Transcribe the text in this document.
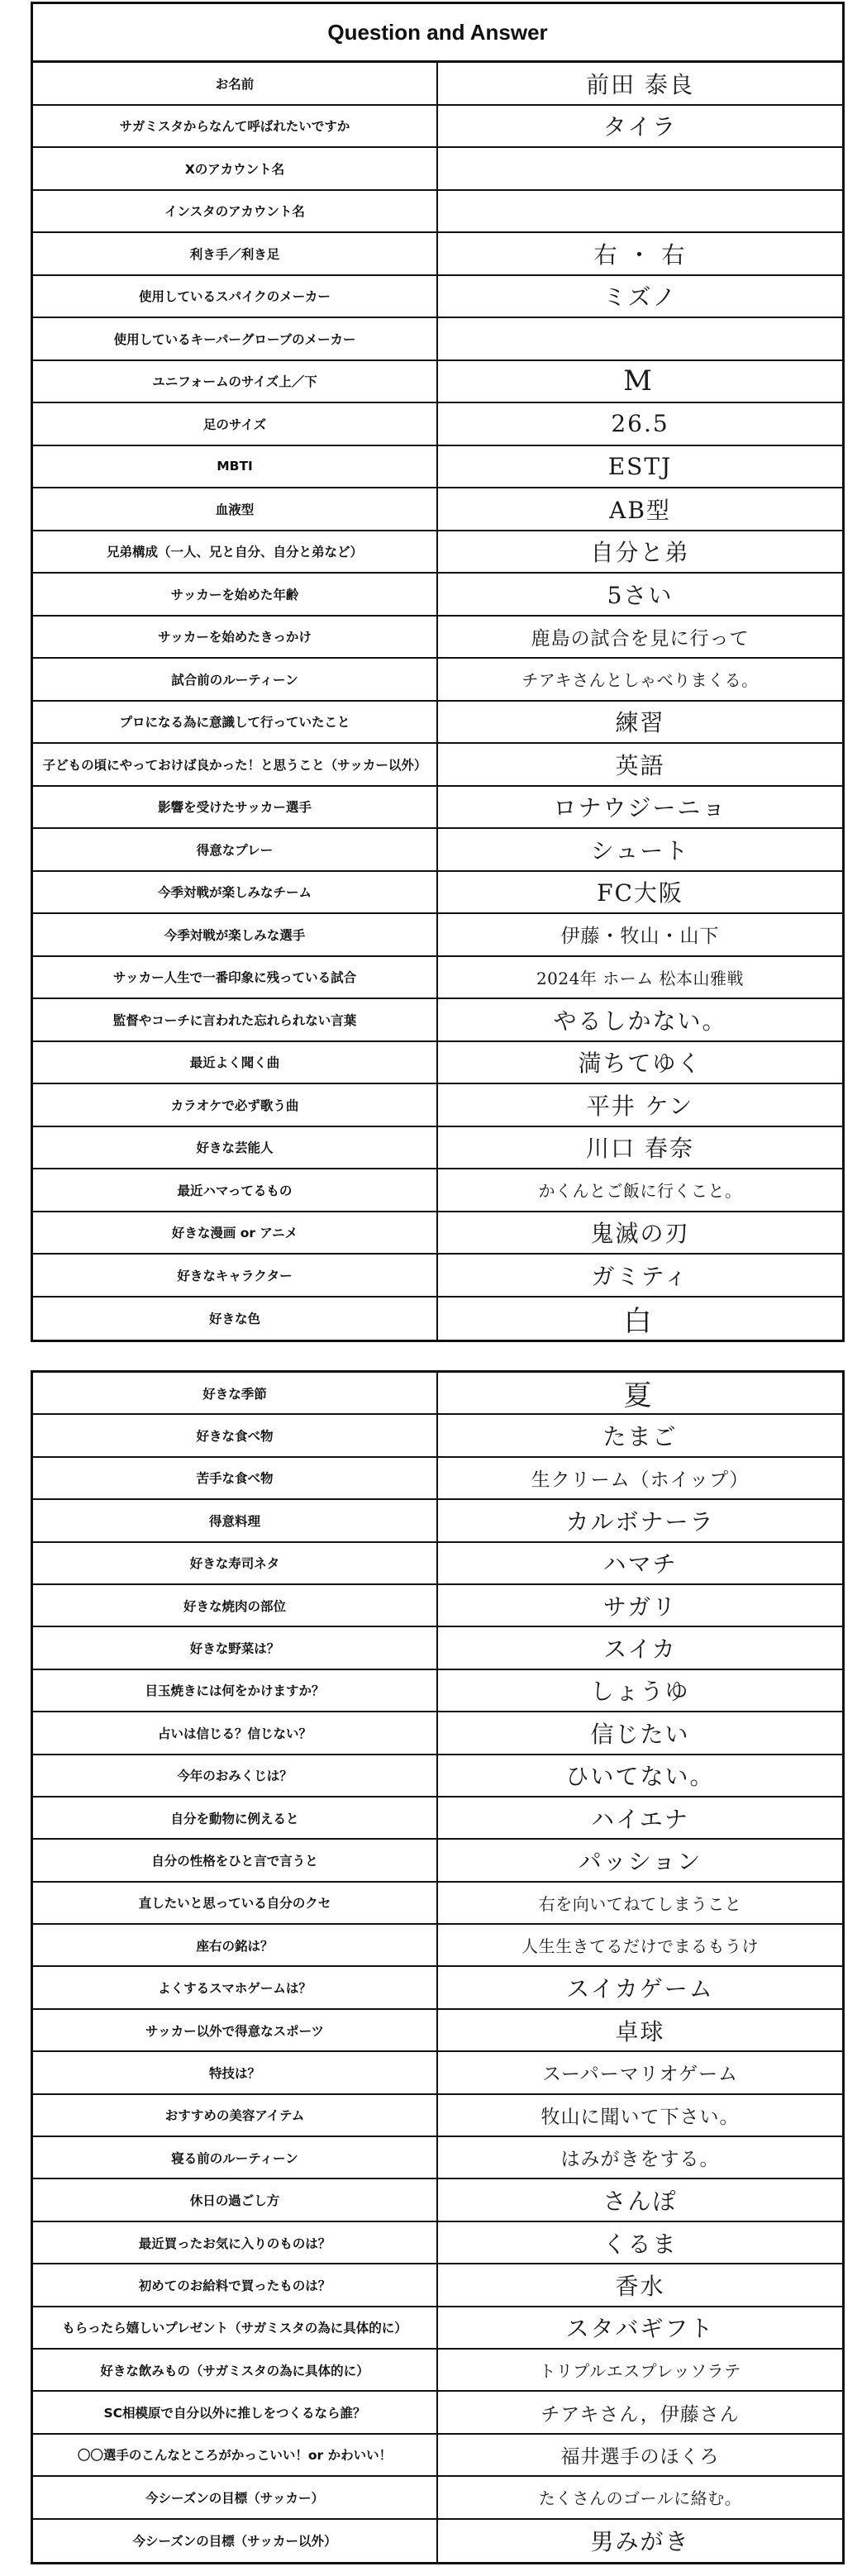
Question and Answer
お名前	前田 泰良
サガミスタからなんて呼ばれたいですか	タイラ
Xのアカウント名
インスタのアカウント名
利き手／利き足	右 ・ 右
使用しているスパイクのメーカー	ミズノ
使用しているキーパーグローブのメーカー
ユニフォームのサイズ上／下	M
足のサイズ	26.5
MBTI	ESTJ
血液型	AB型
兄弟構成（一人、兄と自分、自分と弟など）	自分と弟
サッカーを始めた年齢	5さい
サッカーを始めたきっかけ	鹿島の試合を見に行って
試合前のルーティーン	チアキさんとしゃべりまくる。
プロになる為に意識して行っていたこと	練習
子どもの頃にやっておけば良かった！と思うこと（サッカー以外）	英語
影響を受けたサッカー選手	ロナウジーニョ
得意なプレー	シュート
今季対戦が楽しみなチーム	FC大阪
今季対戦が楽しみな選手	伊藤・牧山・山下
サッカー人生で一番印象に残っている試合	2024年 ホーム 松本山雅戦
監督やコーチに言われた忘れられない言葉	やるしかない。
最近よく聞く曲	満ちてゆく
カラオケで必ず歌う曲	平井 ケン
好きな芸能人	川口 春奈
最近ハマってるもの	かくんとご飯に行くこと。
好きな漫画 or アニメ	鬼滅の刃
好きなキャラクター	ガミティ
好きな色	白
好きな季節	夏
好きな食べ物	たまご
苦手な食べ物	生クリーム（ホイップ）
得意料理	カルボナーラ
好きな寿司ネタ	ハマチ
好きな焼肉の部位	サガリ
好きな野菜は？	スイカ
目玉焼きには何をかけますか？	しょうゆ
占いは信じる？信じない？	信じたい
今年のおみくじは？	ひいてない。
自分を動物に例えると	ハイエナ
自分の性格をひと言で言うと	パッション
直したいと思っている自分のクセ	右を向いてねてしまうこと
座右の銘は？	人生生きてるだけでまるもうけ
よくするスマホゲームは？	スイカゲーム
サッカー以外で得意なスポーツ	卓球
特技は？	スーパーマリオゲーム
おすすめの美容アイテム	牧山に聞いて下さい。
寝る前のルーティーン	はみがきをする。
休日の過ごし方	さんぽ
最近買ったお気に入りのものは？	くるま
初めてのお給料で買ったものは？	香水
もらったら嬉しいプレゼント（サガミスタの為に具体的に）	スタバギフト
好きな飲みもの（サガミスタの為に具体的に）	トリプルエスプレッソラテ
SC相模原で自分以外に推しをつくるなら誰？	チアキさん，伊藤さん
〇〇選手のこんなところがかっこいい！or かわいい！	福井選手のほくろ
今シーズンの目標（サッカー）	たくさんのゴールに絡む。
今シーズンの目標（サッカー以外）	男みがき
